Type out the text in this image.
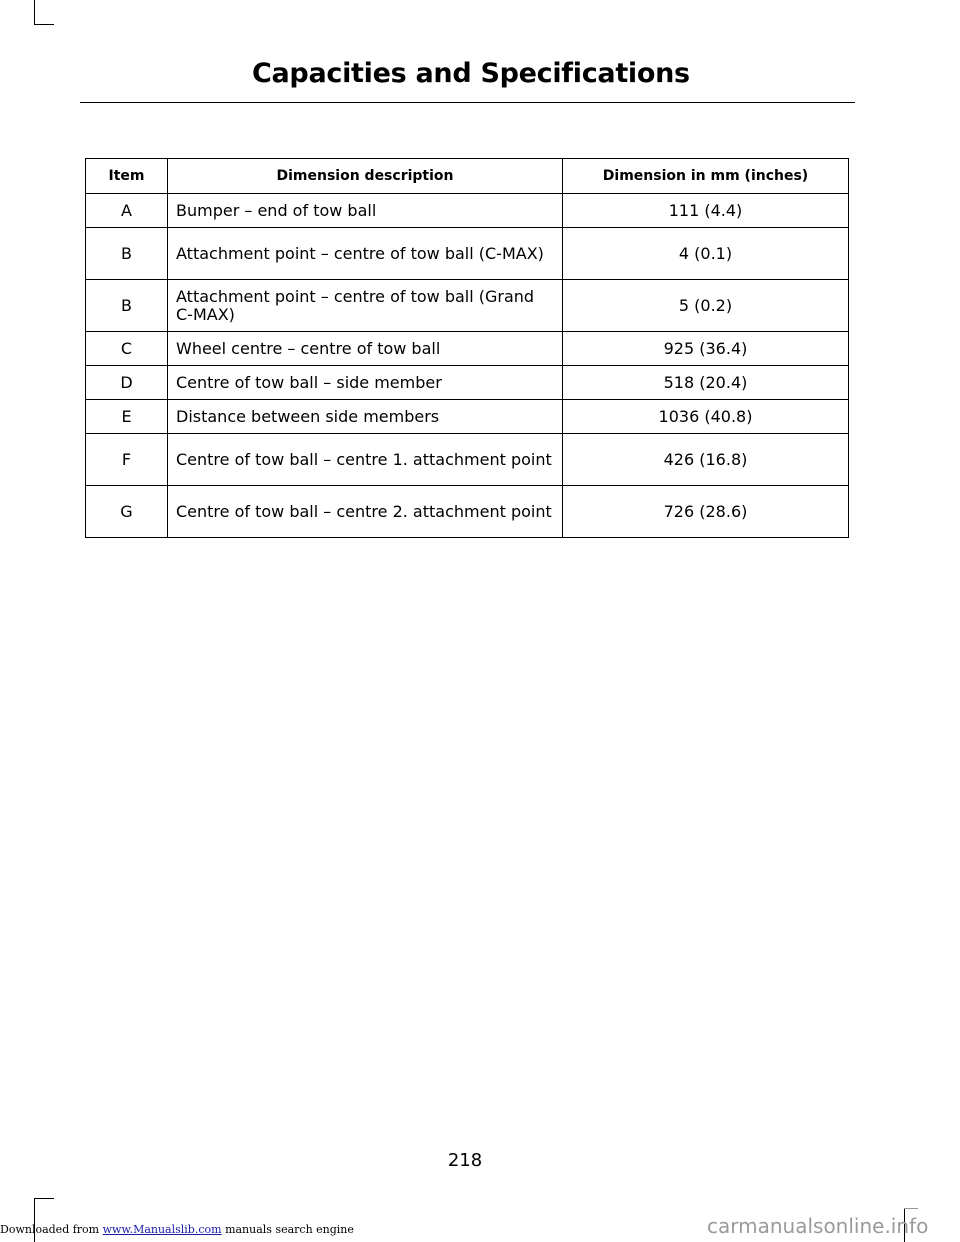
Capacities and Specifications
Item	Dimension description	Dimension in mm (inches)
A	Bumper – end of tow ball	111 (4.4)
B	Attachment point – centre of tow ball (C-MAX)	4 (0.1)
B	Attachment point – centre of tow ball (Grand C-MAX)	5 (0.2)
C	Wheel centre – centre of tow ball	925 (36.4)
D	Centre of tow ball – side member	518 (20.4)
E	Distance between side members	1036 (40.8)
F	Centre of tow ball – centre 1. attachment point	426 (16.8)
G	Centre of tow ball – centre 2. attachment point	726 (28.6)
218
Downloaded from www.Manualslib.com manuals search engine	carmanualsonline.info
